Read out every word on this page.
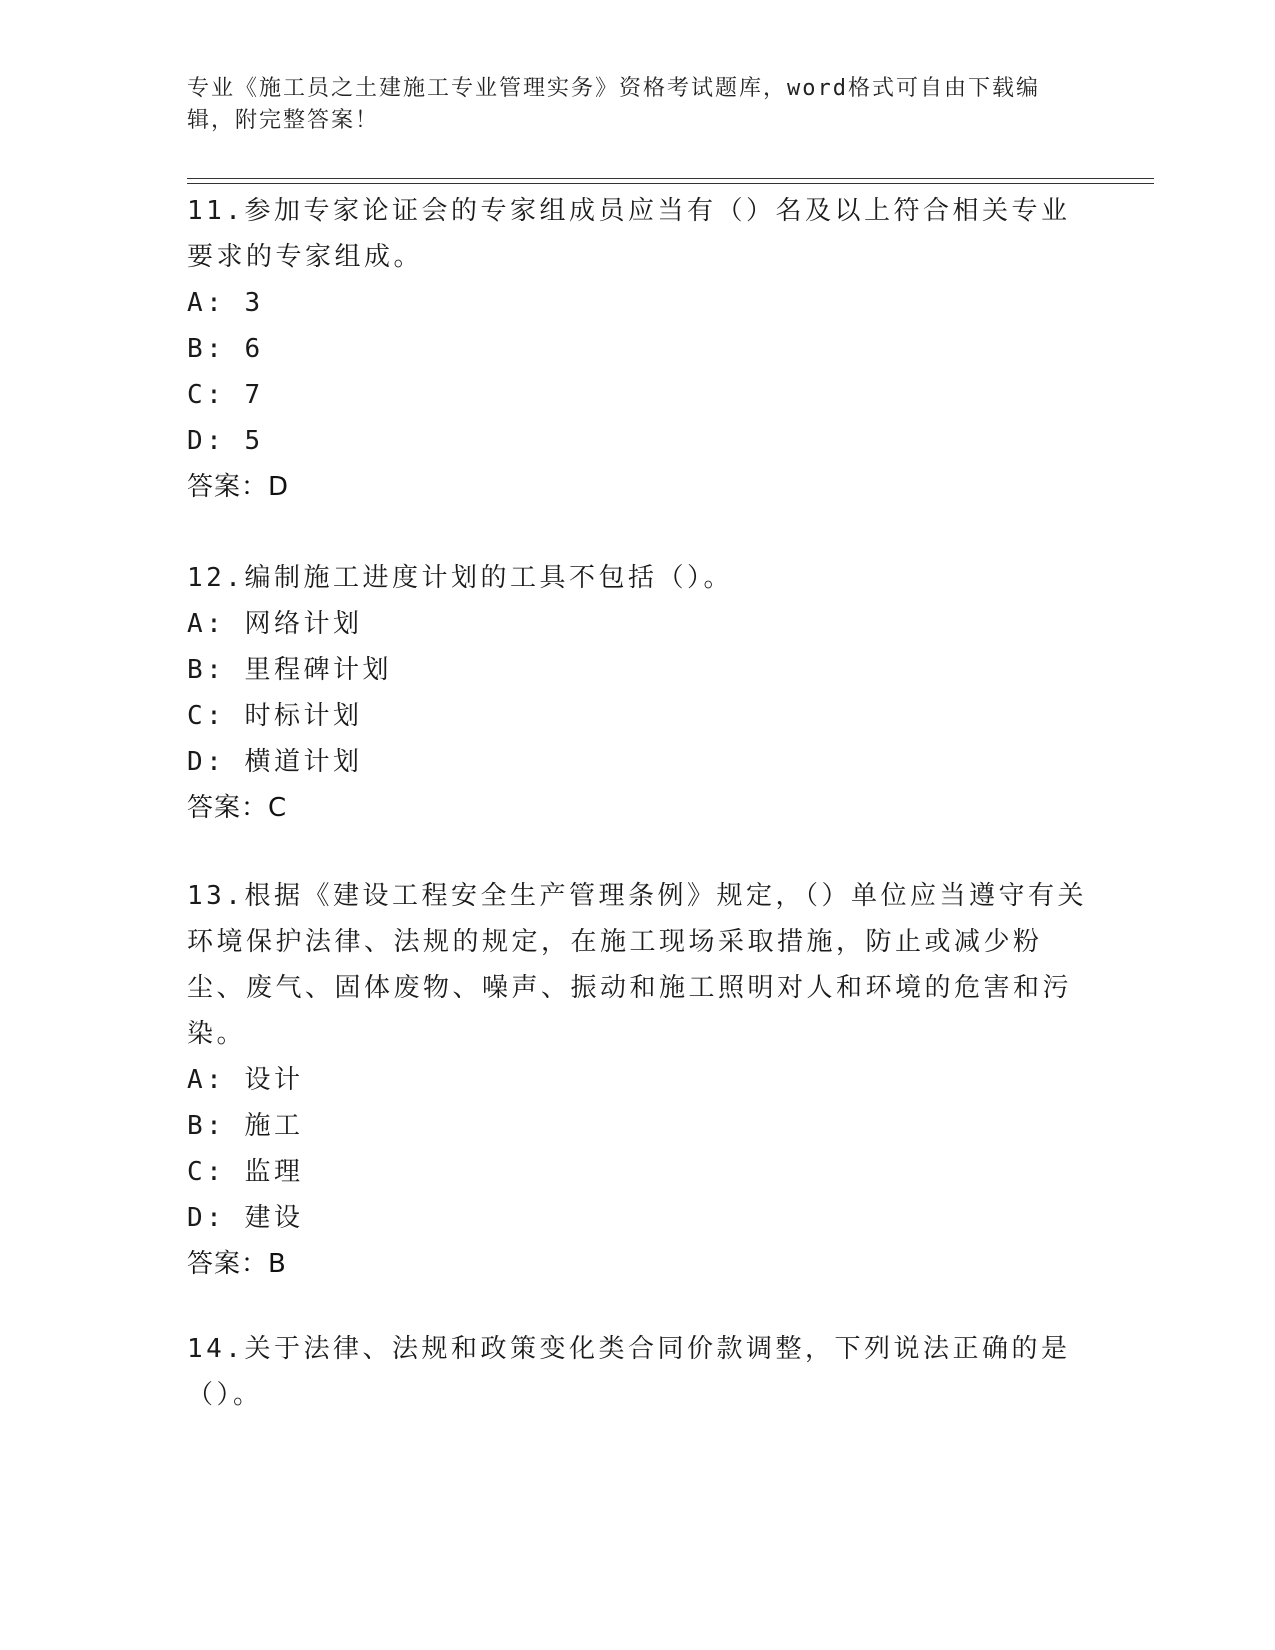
专业《施工员之土建施工专业管理实务》资格考试题库，word格式可自由下载编辑，附完整答案！

11.参加专家论证会的专家组成员应当有（）名及以上符合相关专业要求的专家组成。

A: 3

B: 6

C: 7

D: 5

答案：D

12.编制施工进度计划的工具不包括（）。

A: 网络计划

B: 里程碑计划

C: 时标计划

D: 横道计划

答案：C

13.根据《建设工程安全生产管理条例》规定，（）单位应当遵守有关环境保护法律、法规的规定，在施工现场采取措施，防止或减少粉尘、废气、固体废物、噪声、振动和施工照明对人和环境的危害和污染。

A: 设计

B: 施工

C: 监理

D: 建设

答案：B

14.关于法律、法规和政策变化类合同价款调整，下列说法正确的是（）。
